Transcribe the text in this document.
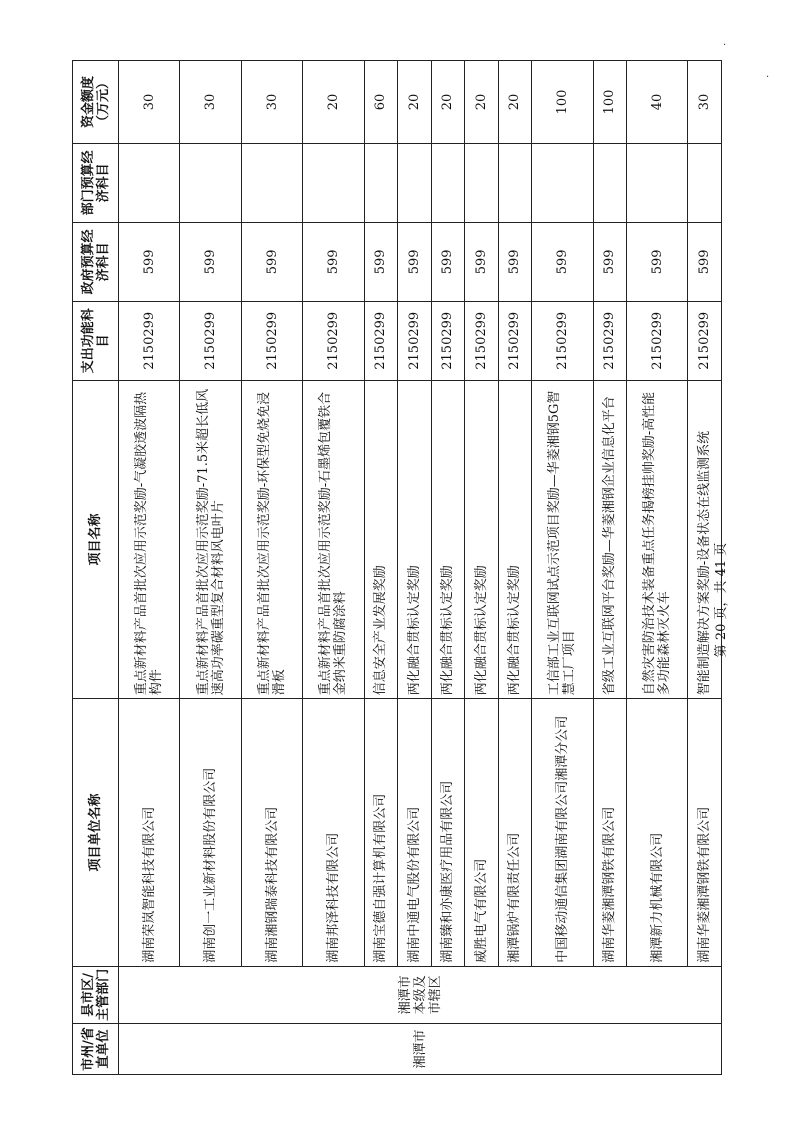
市州/省直单位	县市区/主管部门	项目单位名称	项目名称	支出功能科目	政府预算经济科目	部门预算经济科目	资金额度（万元）
湘潭市	湘潭市本级及市辖区	湖南荣岚智能科技有限公司	重点新材料产品首批次应用示范奖励-气凝胶透波隔热构件	2150299	599		30
		湖南创一工业新材料股份有限公司	重点新材料产品首批次应用示范奖励-71.5米超长低风速高功率碳重型复合材料风电叶片	2150299	599		30
		湖南湘钢瑞泰科技有限公司	重点新材料产品首批次应用示范奖励-环保型免烧免浸滑板	2150299	599		30
		湖南邦泽科技有限公司	重点新材料产品首批次应用示范奖励-石墨烯包覆铁合金纳米重防腐涂料	2150299	599		20
		湖南宝德自强计算机有限公司	信息安全产业发展奖励	2150299	599		60
		湖南中通电气股份有限公司	两化融合贯标认定奖励	2150299	599		20
		湖南臻和亦康医疗用品有限公司	两化融合贯标认定奖励	2150299	599		20
		威胜电气有限公司	两化融合贯标认定奖励	2150299	599		20
		湘潭锅炉有限责任公司	两化融合贯标认定奖励	2150299	599		20
		中国移动通信集团湖南有限公司湘潭分公司	工信部工业互联网试点示范项目奖励—华菱湘钢5G智慧工厂项目	2150299	599		100
		湖南华菱湘潭钢铁有限公司	省级工业互联网平台奖励—华菱湘钢企业信息化平台	2150299	599		100
		湘潭新力机械有限公司	自然灾害防治技术装备重点任务揭榜挂帅奖励-高性能多功能森林灭火车	2150299	599		40
		湖南华菱湘潭钢铁有限公司	智能制造解决方案奖励-设备状态在线监测系统	2150299	599		30
第 20 页，共 41 页
·
·
